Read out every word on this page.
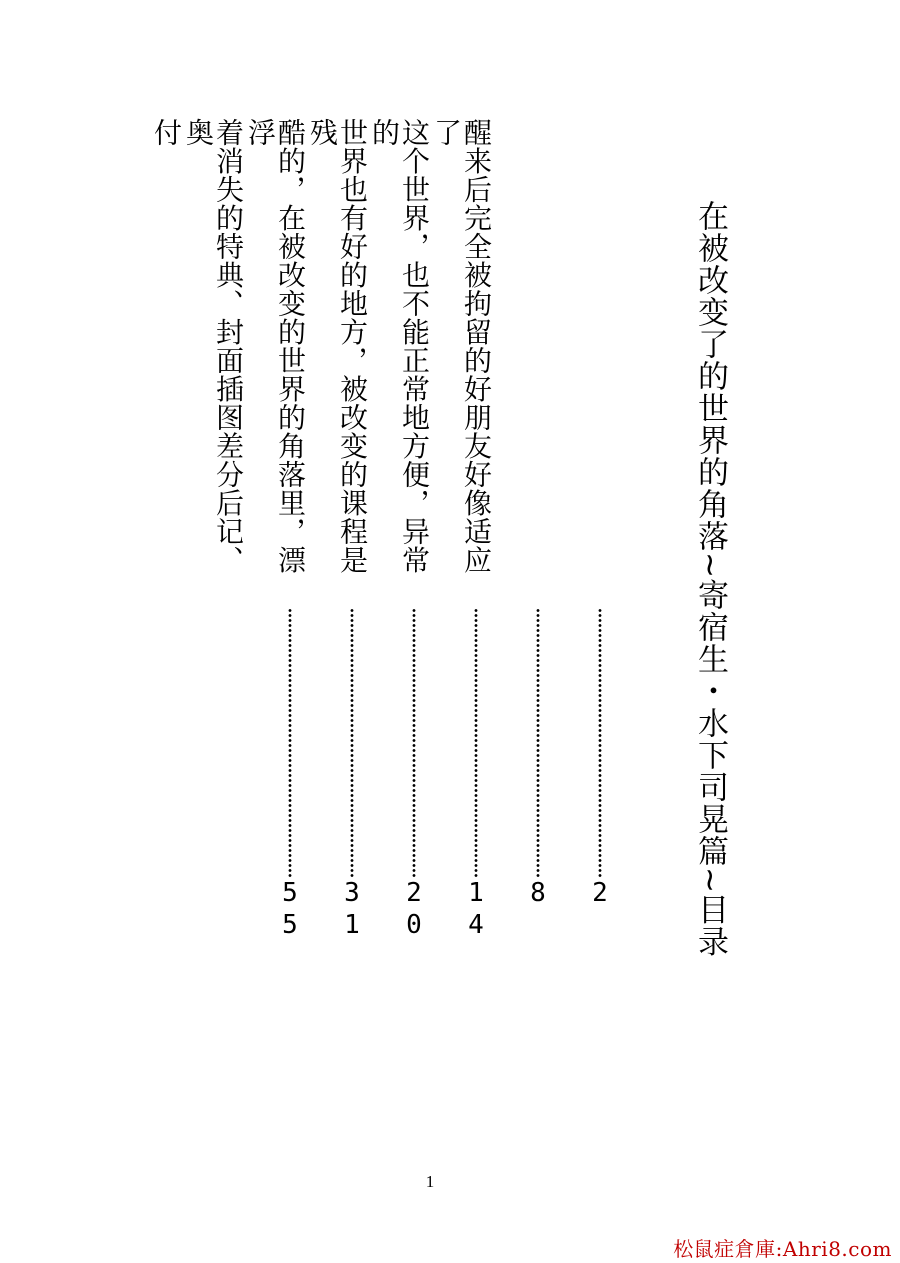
在被改变了的世界的角落~寄宿生・水下司晃篇~目录
2
8
醒来后完全被拘留的好朋友好像适应了
14
这个世界，也不能正常地方便，异常的
20
世界也有好的地方，被改变的课程是残
31
酷的，在被改变的世界的角落里，漂浮
55
着消失的特典、封面插图差分后记、奥
付
1
松鼠症倉庫:Ahri8.com
